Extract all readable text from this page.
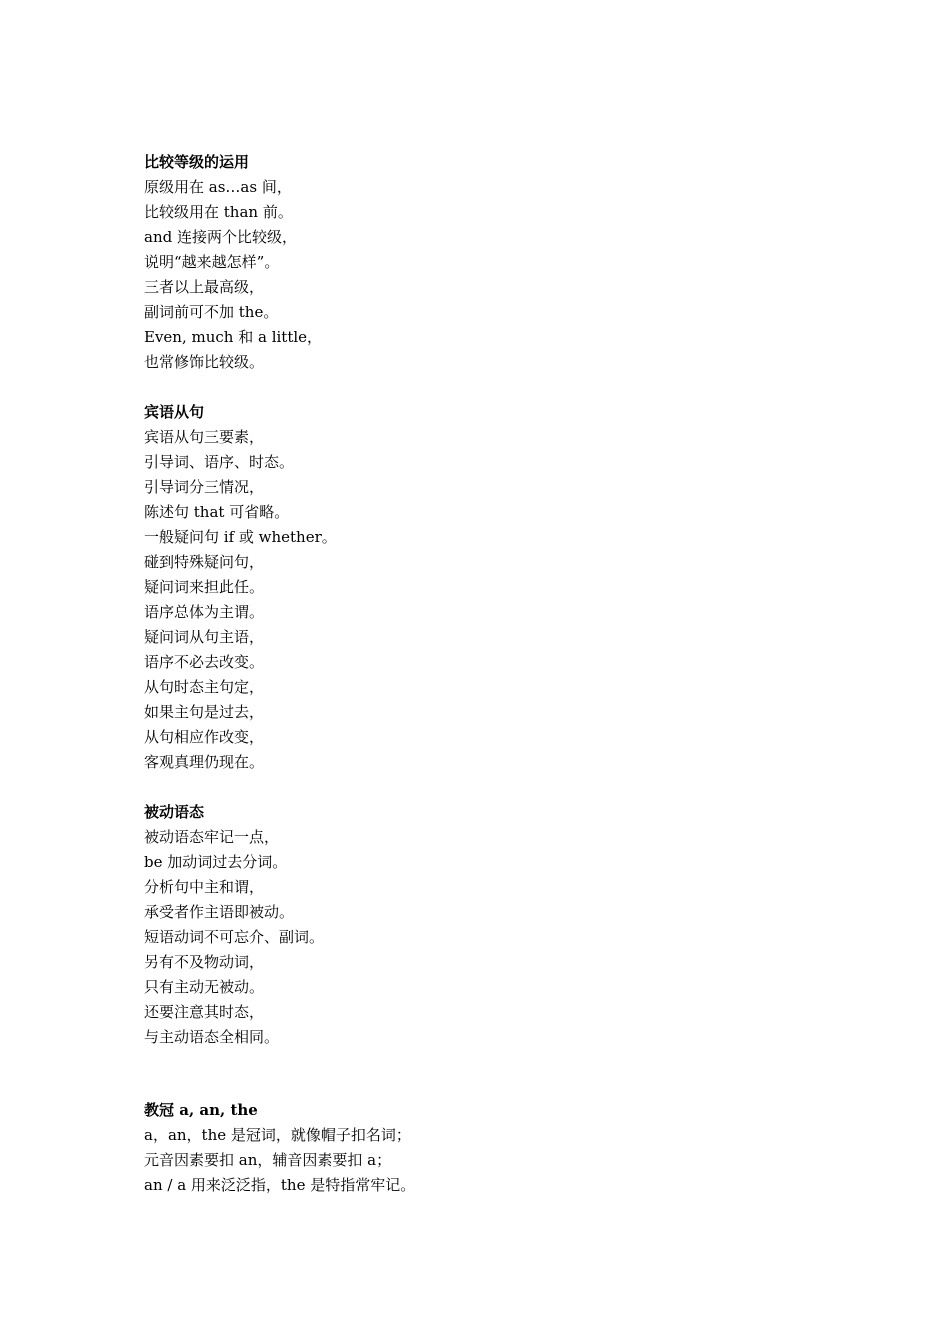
比较等级的运用

原级用在 as…as 间，

比较级用在 than 前。

and 连接两个比较级，

说明“越来越怎样”。

三者以上最高级，

副词前可不加 the。

Even, much 和 a little，

也常修饰比较级。

宾语从句

宾语从句三要素，

引导词、语序、时态。

引导词分三情况，

陈述句 that 可省略。

一般疑问句 if 或 whether。

碰到特殊疑问句，

疑问词来担此任。

语序总体为主谓。

疑问词从句主语，

语序不必去改变。

从句时态主句定，

如果主句是过去，

从句相应作改变，

客观真理仍现在。

被动语态

被动语态牢记一点，

be 加动词过去分词。

分析句中主和谓，

承受者作主语即被动。

短语动词不可忘介、副词。

另有不及物动词，

只有主动无被动。

还要注意其时态，

与主动语态全相同。

教冠 a, an, the

a，an，the 是冠词，就像帽子扣名词；

元音因素要扣 an，辅音因素要扣 a；

an / a 用来泛泛指，the 是特指常牢记。
